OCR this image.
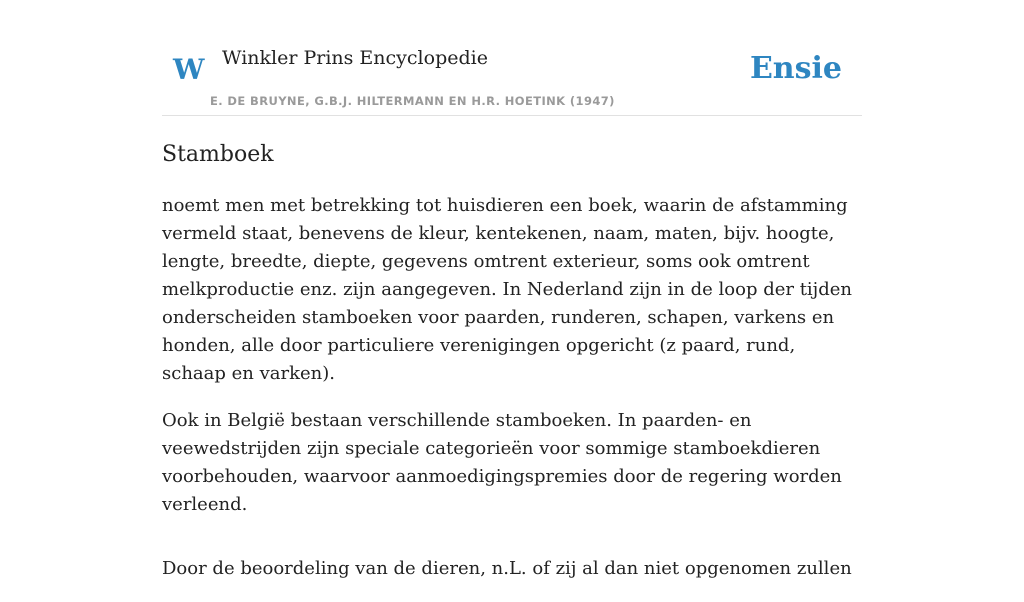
W Winkler Prins Encyclopedie
E. DE BRUYNE, G.B.J. HILTERMANN EN H.R. HOETINK (1947)
Ensie
Stamboek

noemt men met betrekking tot huisdieren een boek, waarin de afstamming vermeld staat, benevens de kleur, kentekenen, naam, maten, bijv. hoogte, lengte, breedte, diepte, gegevens omtrent exterieur, soms ook omtrent melkproductie enz. zijn aangegeven. In Nederland zijn in de loop der tijden onderscheiden stamboeken voor paarden, runderen, schapen, varkens en honden, alle door particuliere verenigingen opgericht (z paard, rund, schaap en varken).

Ook in België bestaan verschillende stamboeken. In paarden- en veewedstrijden zijn speciale categorieën voor sommige stamboekdieren voorbehouden, waarvoor aanmoedigingspremies door de regering worden verleend.

Door de beoordeling van de dieren, n.L. of zij al dan niet opgenomen zullen
